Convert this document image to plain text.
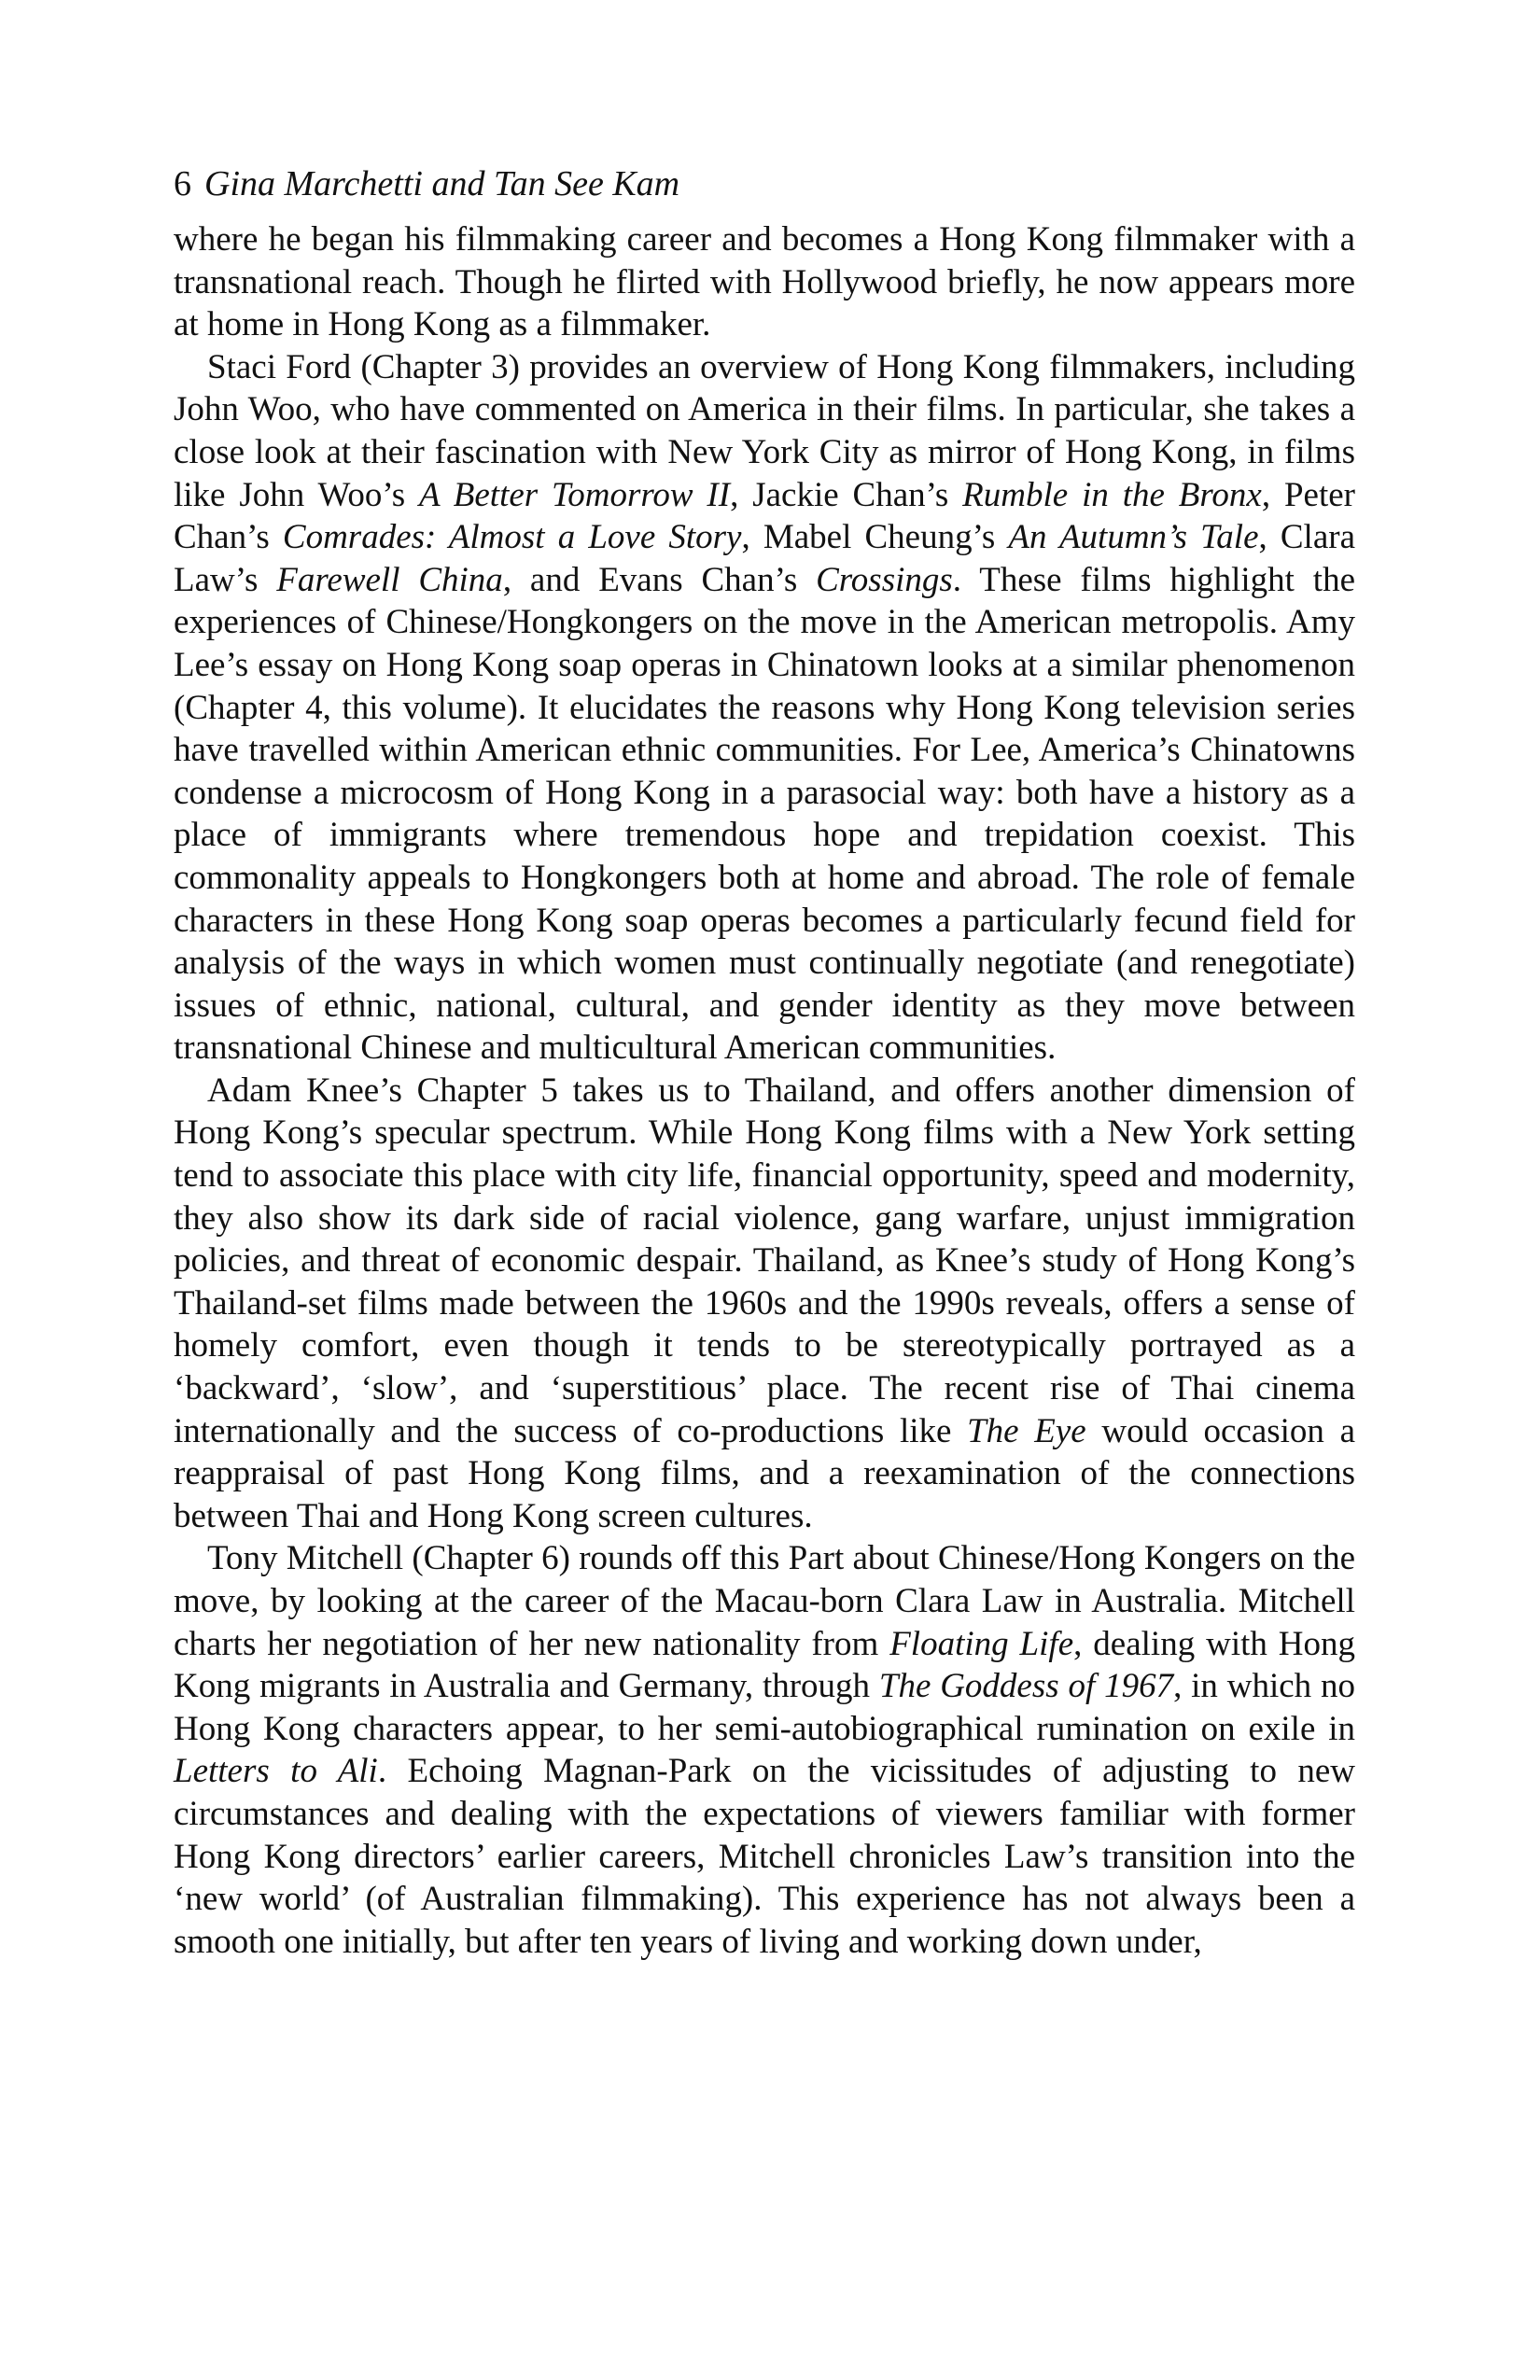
6 Gina Marchetti and Tan See Kam

where he began his filmmaking career and becomes a Hong Kong filmmaker with a transnational reach. Though he flirted with Hollywood briefly, he now appears more at home in Hong Kong as a filmmaker.

Staci Ford (Chapter 3) provides an overview of Hong Kong filmmakers, including John Woo, who have commented on America in their films. In particular, she takes a close look at their fascination with New York City as mirror of Hong Kong, in films like John Woo’s A Better Tomorrow II, Jackie Chan’s Rumble in the Bronx, Peter Chan’s Comrades: Almost a Love Story, Mabel Cheung’s An Autumn’s Tale, Clara Law’s Farewell China, and Evans Chan’s Crossings. These films highlight the experiences of Chinese/Hongkongers on the move in the American metropolis. Amy Lee’s essay on Hong Kong soap operas in Chinatown looks at a similar phenomenon (Chapter 4, this volume). It elucidates the reasons why Hong Kong television series have travelled within American ethnic communities. For Lee, America’s Chinatowns condense a microcosm of Hong Kong in a parasocial way: both have a history as a place of immigrants where tremendous hope and trepidation coexist. This commonality appeals to Hongkongers both at home and abroad. The role of female characters in these Hong Kong soap operas becomes a particularly fecund field for analysis of the ways in which women must continually negotiate (and renegotiate) issues of ethnic, national, cultural, and gender identity as they move between transnational Chinese and multicultural American communities.

Adam Knee’s Chapter 5 takes us to Thailand, and offers another dimension of Hong Kong’s specular spectrum. While Hong Kong films with a New York setting tend to associate this place with city life, financial opportunity, speed and modernity, they also show its dark side of racial violence, gang warfare, unjust immigration policies, and threat of economic despair. Thailand, as Knee’s study of Hong Kong’s Thailand-set films made between the 1960s and the 1990s reveals, offers a sense of homely comfort, even though it tends to be stereotypically portrayed as a ‘backward’, ‘slow’, and ‘superstitious’ place. The recent rise of Thai cinema internationally and the success of co-productions like The Eye would occasion a reappraisal of past Hong Kong films, and a reexamination of the connections between Thai and Hong Kong screen cultures.

Tony Mitchell (Chapter 6) rounds off this Part about Chinese/Hong Kongers on the move, by looking at the career of the Macau-born Clara Law in Australia. Mitchell charts her negotiation of her new nationality from Floating Life, dealing with Hong Kong migrants in Australia and Germany, through The Goddess of 1967, in which no Hong Kong characters appear, to her semi-autobiographical rumination on exile in Letters to Ali. Echoing Magnan-Park on the vicissitudes of adjusting to new circumstances and dealing with the expectations of viewers familiar with former Hong Kong directors’ earlier careers, Mitchell chronicles Law’s transition into the ‘new world’ (of Australian filmmaking). This experience has not always been a smooth one initially, but after ten years of living and working down under,
